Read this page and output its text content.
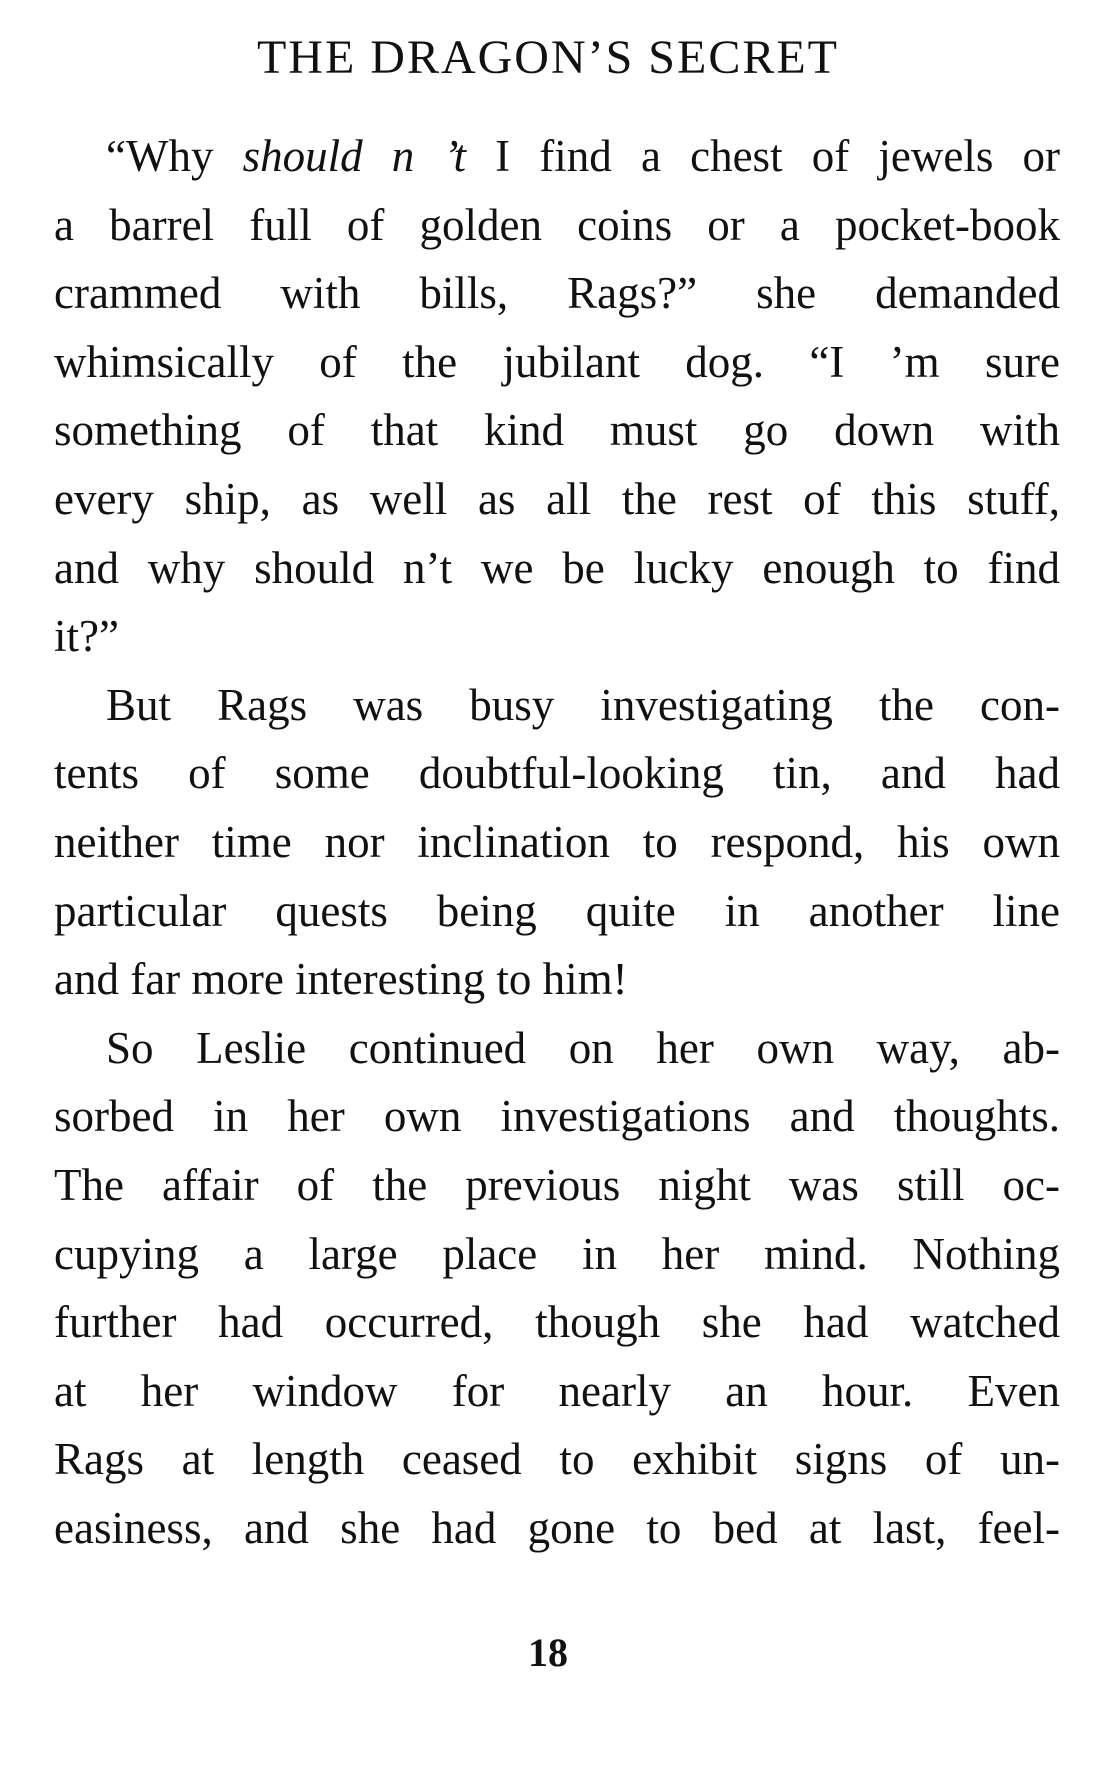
THE DRAGON’S SECRET
“Why should n ’t I find a chest of jewels or
a barrel full of golden coins or a pocket-book
crammed with bills, Rags?” she demanded
whimsically of the jubilant dog. “I ’m sure
something of that kind must go down with
every ship, as well as all the rest of this stuff,
and why should n’t we be lucky enough to find
it?”
But Rags was busy investigating the con-
tents of some doubtful-looking tin, and had
neither time nor inclination to respond, his own
particular quests being quite in another line
and far more interesting to him!
So Leslie continued on her own way, ab-
sorbed in her own investigations and thoughts.
The affair of the previous night was still oc-
cupying a large place in her mind. Nothing
further had occurred, though she had watched
at her window for nearly an hour. Even
Rags at length ceased to exhibit signs of un-
easiness, and she had gone to bed at last, feel-
18
